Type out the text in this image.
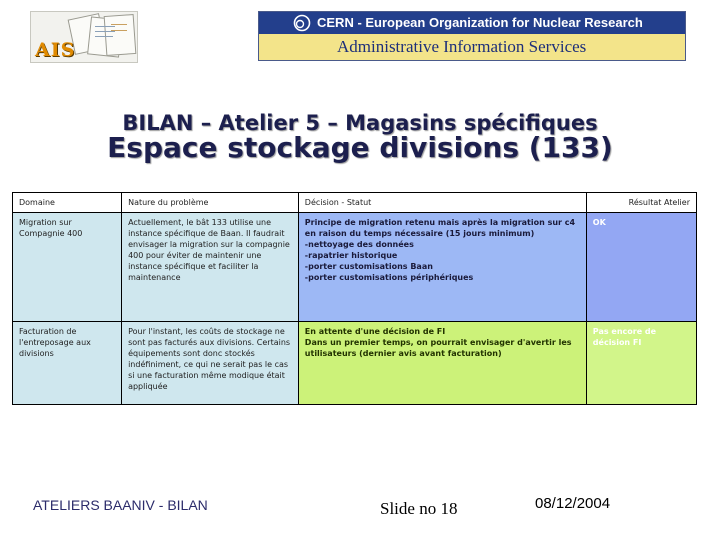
AIS
CERN - European Organization for Nuclear Research
Administrative Information Services
BILAN – Atelier 5 – Magasins spécifiques
Espace stockage divisions (133)
Domaine	Nature du problème	Décision - Statut	Résultat Atelier
Migration sur Compagnie 400	Actuellement, le bât 133 utilise une instance spécifique de Baan. Il faudrait envisager la migration sur la compagnie 400 pour éviter de maintenir une instance spécifique et faciliter la maintenance	Principe de migration retenu mais après la migration sur c4 en raison du temps nécessaire (15 jours minimum)
-nettoyage des données
-rapatrier historique
-porter customisations Baan
-porter customisations périphériques	OK
Facturation de l'entreposage aux divisions	Pour l'instant, les coûts de stockage ne sont pas facturés aux divisions. Certains équipements sont donc stockés indéfiniment, ce qui ne serait pas le cas si une facturation même modique était appliquée	En attente d'une décision de FI
Dans un premier temps, on pourrait envisager d'avertir les utilisateurs (dernier avis avant facturation)	Pas encore de décision FI
ATELIERS BAANIV - BILAN	Slide no 18	08/12/2004
